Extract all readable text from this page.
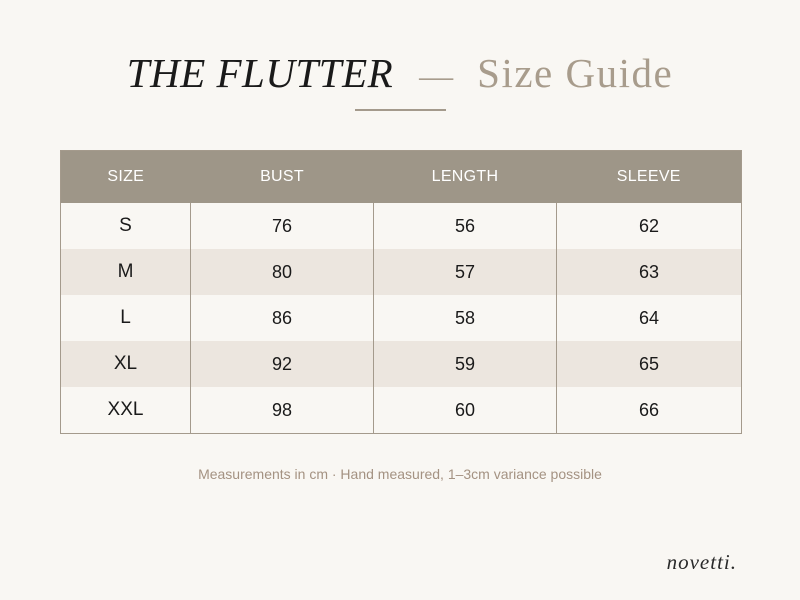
THE FLUTTER — Size Guide
SIZE	BUST	LENGTH	SLEEVE
S	76	56	62
M	80	57	63
L	86	58	64
XL	92	59	65
XXL	98	60	66
Measurements in cm · Hand measured, 1–3cm variance possible
novetti.
